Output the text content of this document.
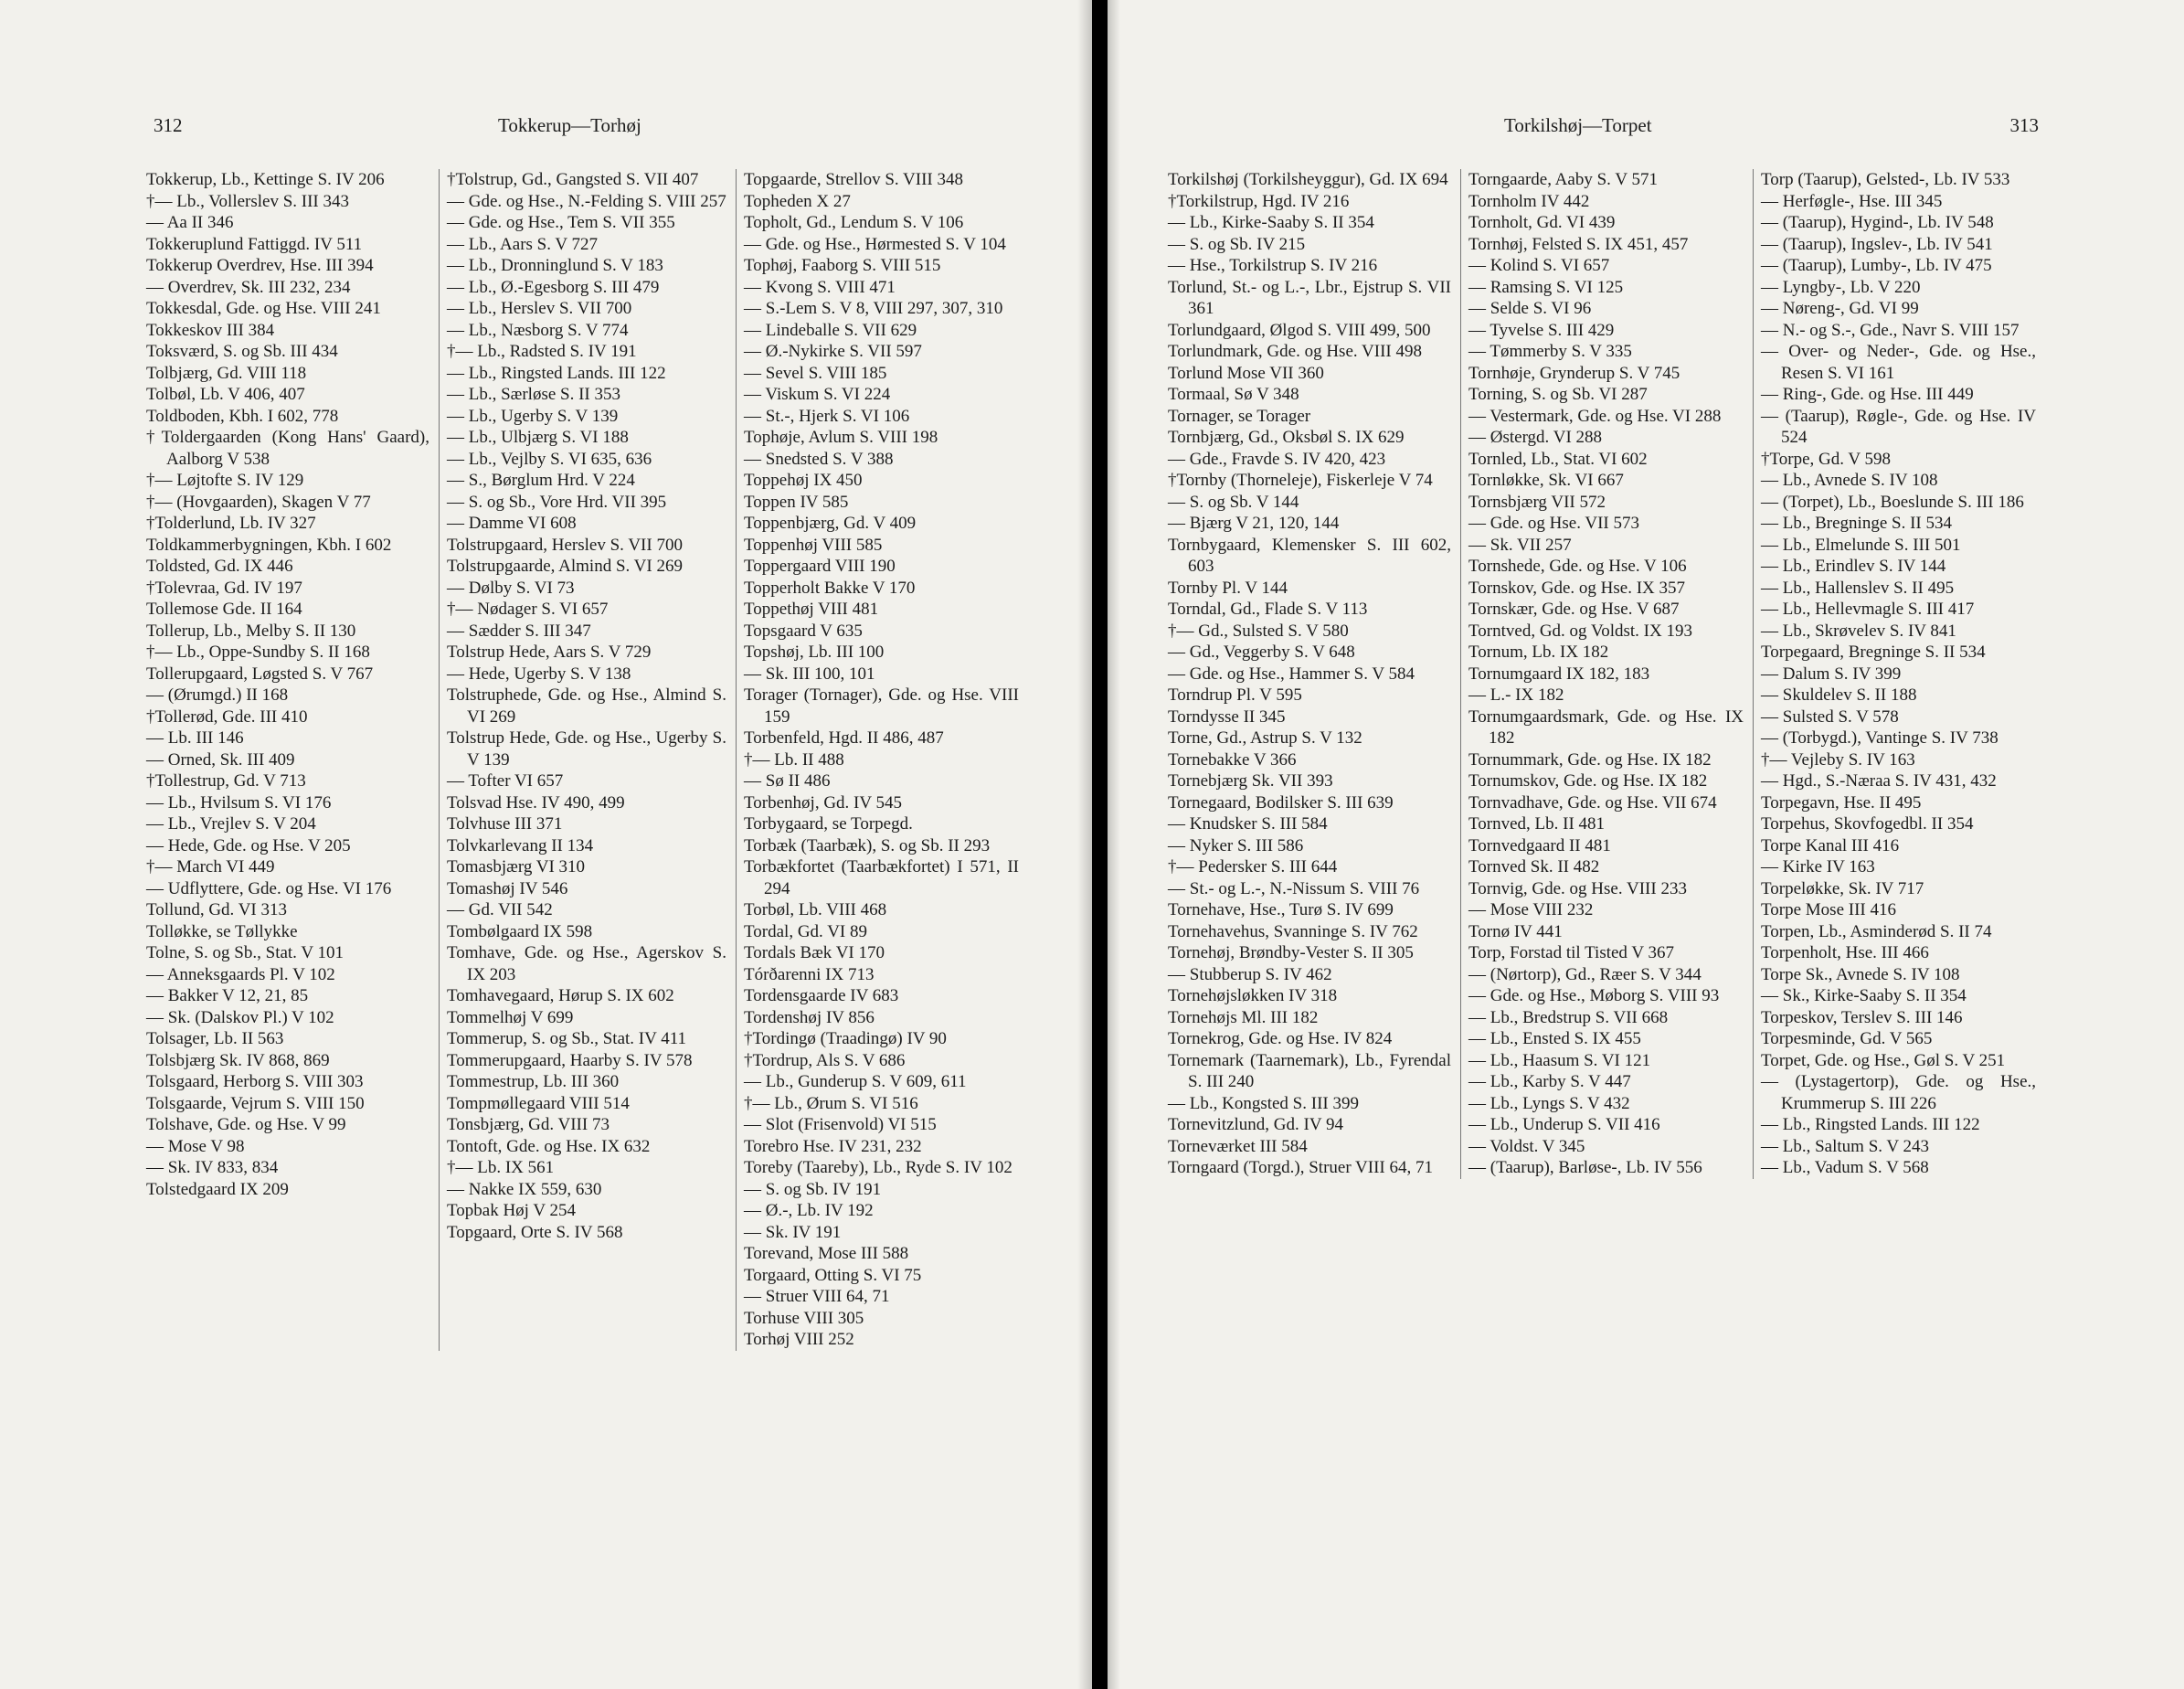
312	Tokkerup—Torhøj
Tokkerup, Lb., Kettinge S. IV 206
†— Lb., Vollerslev S. III 343
— Aa II 346
Tokkeruplund Fattiggd. IV 511
Tokkerup Overdrev, Hse. III 394
— Overdrev, Sk. III 232, 234
Tokkesdal, Gde. og Hse. VIII 241
Tokkeskov III 384
Toksværd, S. og Sb. III 434
Tolbjærg, Gd. VIII 118
Tolbøl, Lb. V 406, 407
Toldboden, Kbh. I 602, 778
†Toldergaarden (Kong Hans' Gaard), Aalborg V 538
†— Løjtofte S. IV 129
†— (Hovgaarden), Skagen V 77
†Tolderlund, Lb. IV 327
Toldkammerbygningen, Kbh. I 602
Toldsted, Gd. IX 446
†Tolevraa, Gd. IV 197
Tollemose Gde. II 164
Tollerup, Lb., Melby S. II 130
†— Lb., Oppe-Sundby S. II 168
Tollerupgaard, Løgsted S. V 767
— (Ørumgd.) II 168
†Tollerød, Gde. III 410
— Lb. III 146
— Orned, Sk. III 409
†Tollestrup, Gd. V 713
— Lb., Hvilsum S. VI 176
— Lb., Vrejlev S. V 204
— Hede, Gde. og Hse. V 205
†— March VI 449
— Udflyttere, Gde. og Hse. VI 176
Tollund, Gd. VI 313
Tolløkke, se Tøllykke
Tolne, S. og Sb., Stat. V 101
— Anneksgaards Pl. V 102
— Bakker V 12, 21, 85
— Sk. (Dalskov Pl.) V 102
Tolsager, Lb. II 563
Tolsbjærg Sk. IV 868, 869
Tolsgaard, Herborg S. VIII 303
Tolsgaarde, Vejrum S. VIII 150
Tolshave, Gde. og Hse. V 99
— Mose V 98
— Sk. IV 833, 834
Tolstedgaard IX 209
†Tolstrup, Gd., Gangsted S. VII 407
— Gde. og Hse., N.-Felding S. VIII 257
— Gde. og Hse., Tem S. VII 355
— Lb., Aars S. V 727
— Lb., Dronninglund S. V 183
— Lb., Ø.-Egesborg S. III 479
— Lb., Herslev S. VII 700
— Lb., Næsborg S. V 774
†— Lb., Radsted S. IV 191
— Lb., Ringsted Lands. III 122
— Lb., Særløse S. II 353
— Lb., Ugerby S. V 139
— Lb., Ulbjærg S. VI 188
— Lb., Vejlby S. VI 635, 636
— S., Børglum Hrd. V 224
— S. og Sb., Vore Hrd. VII 395
— Damme VI 608
Tolstrupgaard, Herslev S. VII 700
Tolstrupgaarde, Almind S. VI 269
— Dølby S. VI 73
†— Nødager S. VI 657
— Sædder S. III 347
Tolstrup Hede, Aars S. V 729
— Hede, Ugerby S. V 138
Tolstruphede, Gde. og Hse., Almind S. VI 269
Tolstrup Hede, Gde. og Hse., Ugerby S. V 139
— Tofter VI 657
Tolsvad Hse. IV 490, 499
Tolvhuse III 371
Tolvkarlevang II 134
Tomasbjærg VI 310
Tomashøj IV 546
— Gd. VII 542
Tombølgaard IX 598
Tomhave, Gde. og Hse., Agerskov S. IX 203
Tomhavegaard, Hørup S. IX 602
Tommelhøj V 699
Tommerup, S. og Sb., Stat. IV 411
Tommerupgaard, Haarby S. IV 578
Tommestrup, Lb. III 360
Tompmøllegaard VIII 514
Tonsbjærg, Gd. VIII 73
Tontoft, Gde. og Hse. IX 632
†— Lb. IX 561
— Nakke IX 559, 630
Topbak Høj V 254
Topgaard, Orte S. IV 568
Topgaarde, Strellov S. VIII 348
Topheden X 27
Topholt, Gd., Lendum S. V 106
— Gde. og Hse., Hørmested S. V 104
Tophøj, Faaborg S. VIII 515
— Kvong S. VIII 471
— S.-Lem S. V 8, VIII 297, 307, 310
— Lindeballe S. VII 629
— Ø.-Nykirke S. VII 597
— Sevel S. VIII 185
— Viskum S. VI 224
— St.-, Hjerk S. VI 106
Tophøje, Avlum S. VIII 198
— Snedsted S. V 388
Toppehøj IX 450
Toppen IV 585
Toppenbjærg, Gd. V 409
Toppenhøj VIII 585
Toppergaard VIII 190
Topperholt Bakke V 170
Toppethøj VIII 481
Topsgaard V 635
Topshøj, Lb. III 100
— Sk. III 100, 101
Torager (Tornager), Gde. og Hse. VIII 159
Torbenfeld, Hgd. II 486, 487
†— Lb. II 488
— Sø II 486
Torbenhøj, Gd. IV 545
Torbygaard, se Torpegd.
Torbæk (Taarbæk), S. og Sb. II 293
Torbækfortet (Taarbækfortet) I 571, II 294
Torbøl, Lb. VIII 468
Tordal, Gd. VI 89
Tordals Bæk VI 170
Tórðarenni IX 713
Tordensgaarde IV 683
Tordenshøj IV 856
†Tordingø (Traadingø) IV 90
†Tordrup, Als S. V 686
— Lb., Gunderup S. V 609, 611
†— Lb., Ørum S. VI 516
— Slot (Frisenvold) VI 515
Torebro Hse. IV 231, 232
Toreby (Taareby), Lb., Ryde S. IV 102
— S. og Sb. IV 191
— Ø.-, Lb. IV 192
— Sk. IV 191
Torevand, Mose III 588
Torgaard, Otting S. VI 75
— Struer VIII 64, 71
Torhuse VIII 305
Torhøj VIII 252
Torkilshøj—Torpet	313
Torkilshøj (Torkilsheyggur), Gd. IX 694
†Torkilstrup, Hgd. IV 216
— Lb., Kirke-Saaby S. II 354
— S. og Sb. IV 215
— Hse., Torkilstrup S. IV 216
Torlund, St.- og L.-, Lbr., Ejstrup S. VII 361
Torlundgaard, Ølgod S. VIII 499, 500
Torlundmark, Gde. og Hse. VIII 498
Torlund Mose VII 360
Tormaal, Sø V 348
Tornager, se Torager
Tornbjærg, Gd., Oksbøl S. IX 629
— Gde., Fravde S. IV 420, 423
†Tornby (Thorneleje), Fiskerleje V 74
— S. og Sb. V 144
— Bjærg V 21, 120, 144
Tornbygaard, Klemensker S. III 602, 603
Tornby Pl. V 144
Torndal, Gd., Flade S. V 113
†— Gd., Sulsted S. V 580
— Gd., Veggerby S. V 648
— Gde. og Hse., Hammer S. V 584
Torndrup Pl. V 595
Torndysse II 345
Torne, Gd., Astrup S. V 132
Tornebakke V 366
Tornebjærg Sk. VII 393
Tornegaard, Bodilsker S. III 639
— Knudsker S. III 584
— Nyker S. III 586
†— Pedersker S. III 644
— St.- og L.-, N.-Nissum S. VIII 76
Tornehave, Hse., Turø S. IV 699
Tornehavehus, Svanninge S. IV 762
Tornehøj, Brøndby-Vester S. II 305
— Stubberup S. IV 462
Tornehøjsløkken IV 318
Tornehøjs Ml. III 182
Tornekrog, Gde. og Hse. IV 824
Tornemark (Taarnemark), Lb., Fyrendal S. III 240
— Lb., Kongsted S. III 399
Tornevitzlund, Gd. IV 94
Torneværket III 584
Torngaard (Torgd.), Struer VIII 64, 71
Torngaarde, Aaby S. V 571
Tornholm IV 442
Tornholt, Gd. VI 439
Tornhøj, Felsted S. IX 451, 457
— Kolind S. VI 657
— Ramsing S. VI 125
— Selde S. VI 96
— Tyvelse S. III 429
— Tømmerby S. V 335
Tornhøje, Grynderup S. V 745
Torning, S. og Sb. VI 287
— Vestermark, Gde. og Hse. VI 288
— Østergd. VI 288
Tornled, Lb., Stat. VI 602
Tornløkke, Sk. VI 667
Tornsbjærg VII 572
— Gde. og Hse. VII 573
— Sk. VII 257
Tornshede, Gde. og Hse. V 106
Tornskov, Gde. og Hse. IX 357
Tornskær, Gde. og Hse. V 687
Torntved, Gd. og Voldst. IX 193
Tornum, Lb. IX 182
Tornumgaard IX 182, 183
— L.- IX 182
Tornumgaardsmark, Gde. og Hse. IX 182
Tornummark, Gde. og Hse. IX 182
Tornumskov, Gde. og Hse. IX 182
Tornvadhave, Gde. og Hse. VII 674
Tornved, Lb. II 481
Tornvedgaard II 481
Tornved Sk. II 482
Tornvig, Gde. og Hse. VIII 233
— Mose VIII 232
Tornø IV 441
Torp, Forstad til Tisted V 367
— (Nørtorp), Gd., Ræer S. V 344
— Gde. og Hse., Møborg S. VIII 93
— Lb., Bredstrup S. VII 668
— Lb., Ensted S. IX 455
— Lb., Haasum S. VI 121
— Lb., Karby S. V 447
— Lb., Lyngs S. V 432
— Lb., Underup S. VII 416
— Voldst. V 345
— (Taarup), Barløse-, Lb. IV 556
Torp (Taarup), Gelsted-, Lb. IV 533
— Herføgle-, Hse. III 345
— (Taarup), Hygind-, Lb. IV 548
— (Taarup), Ingslev-, Lb. IV 541
— (Taarup), Lumby-, Lb. IV 475
— Lyngby-, Lb. V 220
— Nøreng-, Gd. VI 99
— N.- og S.-, Gde., Navr S. VIII 157
— Over- og Neder-, Gde. og Hse., Resen S. VI 161
— Ring-, Gde. og Hse. III 449
— (Taarup), Røgle-, Gde. og Hse. IV 524
†Torpe, Gd. V 598
— Lb., Avnede S. IV 108
— (Torpet), Lb., Boeslunde S. III 186
— Lb., Bregninge S. II 534
— Lb., Elmelunde S. III 501
— Lb., Erindlev S. IV 144
— Lb., Hallenslev S. II 495
— Lb., Hellevmagle S. III 417
— Lb., Skrøvelev S. IV 841
Torpegaard, Bregninge S. II 534
— Dalum S. IV 399
— Skuldelev S. II 188
— Sulsted S. V 578
— (Torbygd.), Vantinge S. IV 738
†— Vejleby S. IV 163
— Hgd., S.-Næraa S. IV 431, 432
Torpegavn, Hse. II 495
Torpehus, Skovfogedbl. II 354
Torpe Kanal III 416
— Kirke IV 163
Torpeløkke, Sk. IV 717
Torpe Mose III 416
Torpen, Lb., Asminderød S. II 74
Torpenholt, Hse. III 466
Torpe Sk., Avnede S. IV 108
— Sk., Kirke-Saaby S. II 354
Torpeskov, Terslev S. III 146
Torpesminde, Gd. V 565
Torpet, Gde. og Hse., Gøl S. V 251
— (Lystagertorp), Gde. og Hse., Krummerup S. III 226
— Lb., Ringsted Lands. III 122
— Lb., Saltum S. V 243
— Lb., Vadum S. V 568
